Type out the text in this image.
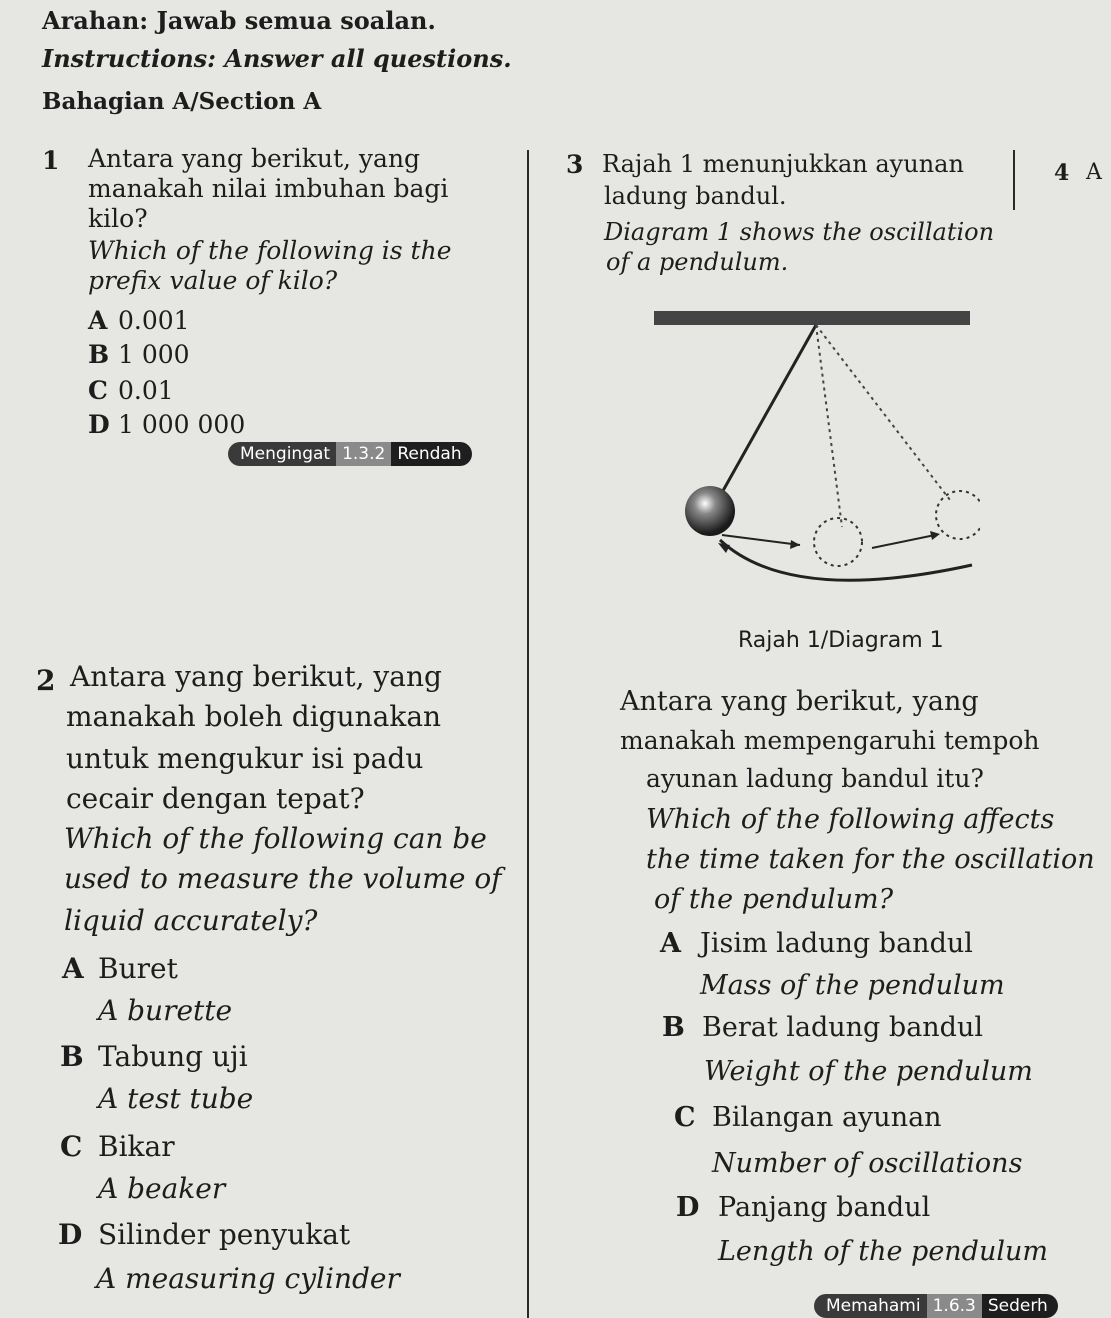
Arahan: Jawab semua soalan.
Instructions: Answer all questions.
Bahagian A/Section A
1 Antara yang berikut, yang
manakah nilai imbuhan bagi
kilo?
Which of the following is the
prefix value of kilo?
A 0.001
B 1 000
C 0.01
D 1 000 000
Mengingat 1.3.2 Rendah
2 Antara yang berikut, yang
manakah boleh digunakan
untuk mengukur isi padu
cecair dengan tepat?
Which of the following can be
used to measure the volume of
liquid accurately?
A Buret
A burette
B Tabung uji
A test tube
C Bikar
A beaker
D Silinder penyukat
A measuring cylinder
3 Rajah 1 menunjukkan ayunan
ladung bandul.
Diagram 1 shows the oscillation
of a pendulum.
Rajah 1/Diagram 1
Antara yang berikut, yang
manakah mempengaruhi tempoh
ayunan ladung bandul itu?
Which of the following affects
the time taken for the oscillation
of the pendulum?
A Jisim ladung bandul
Mass of the pendulum
B Berat ladung bandul
Weight of the pendulum
C Bilangan ayunan
Number of oscillations
D Panjang bandul
Length of the pendulum
Memahami 1.6.3 Sederh
4 A
